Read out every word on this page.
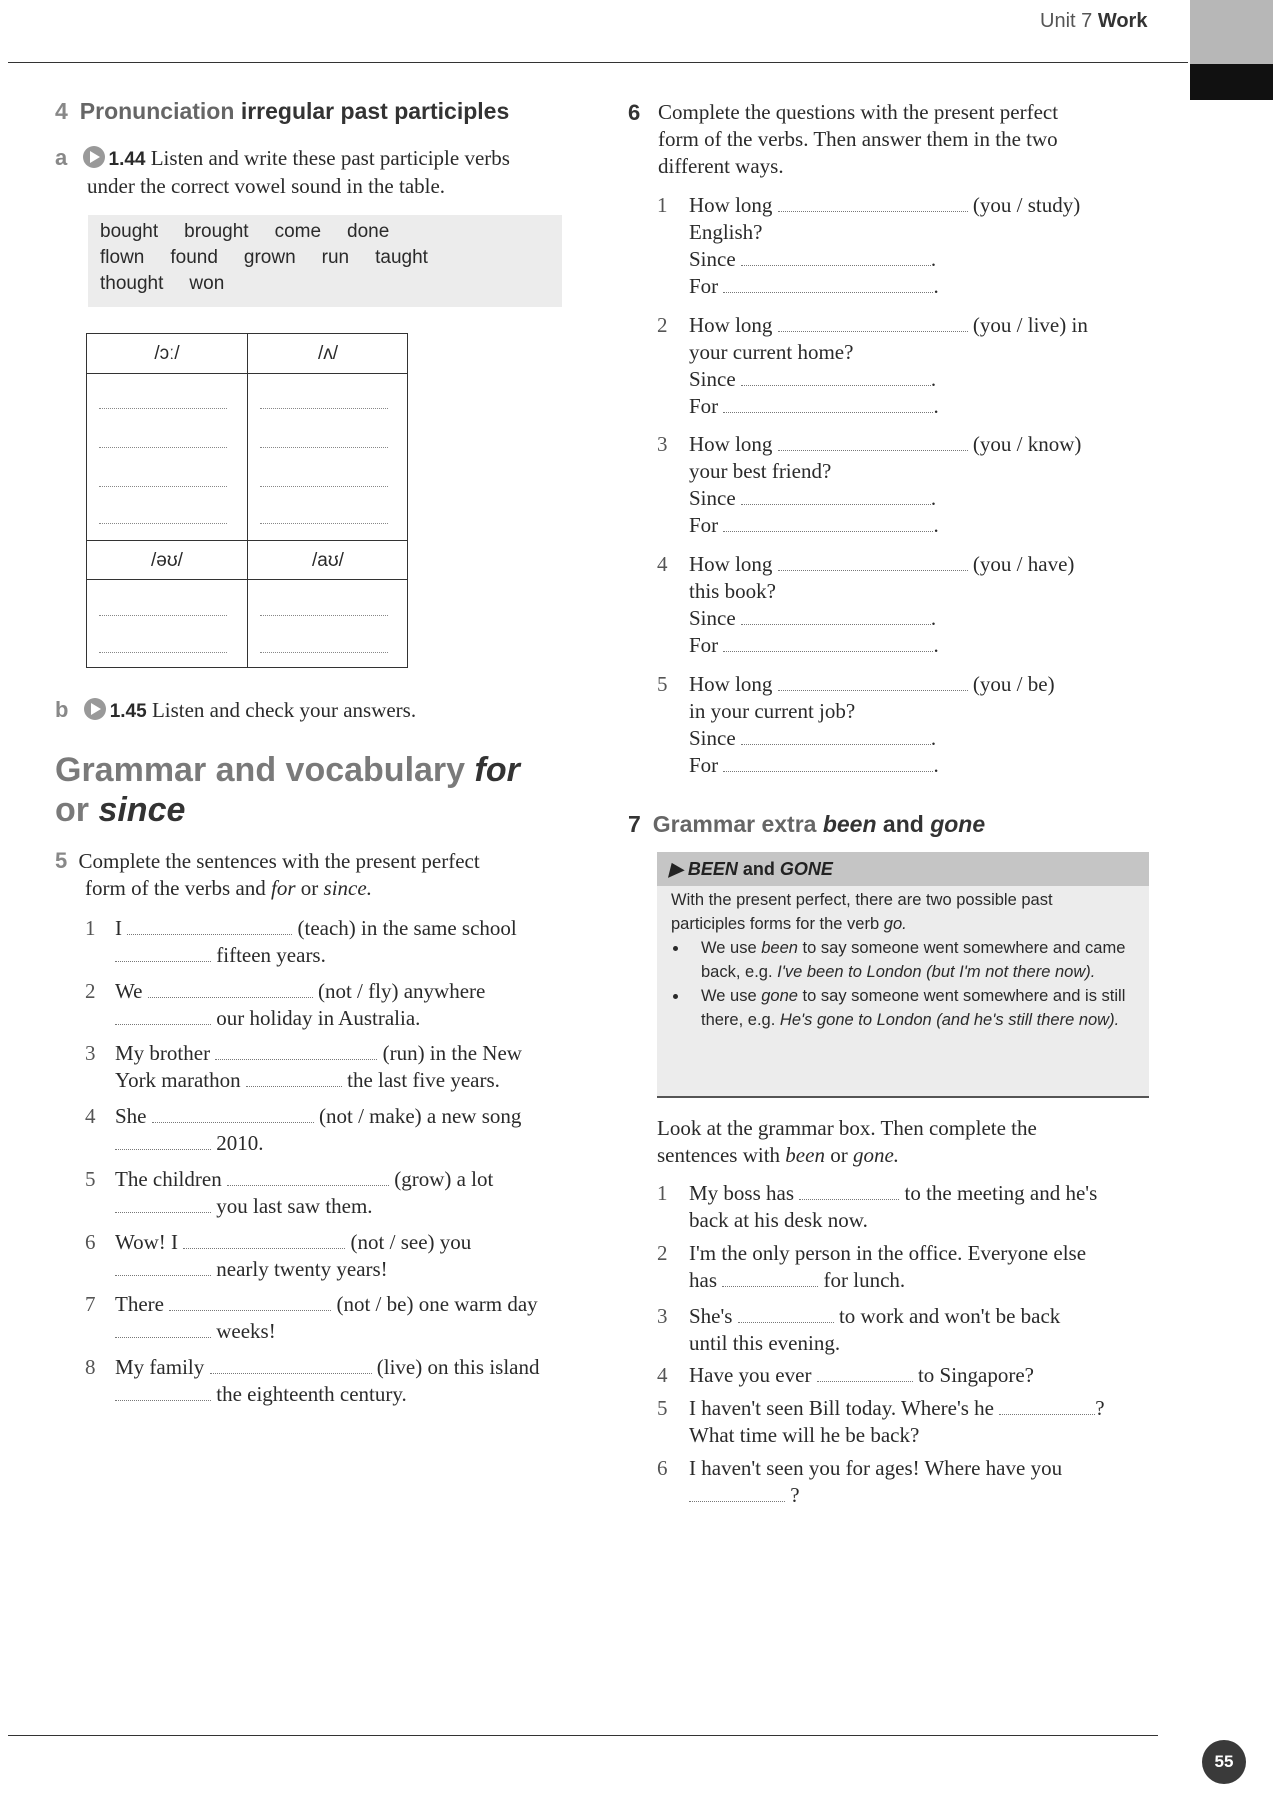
Unit 7 Work
4 Pronunciation irregular past participles
a 1.44 Listen and write these past participle verbs
under the correct vowel sound in the table.
bought brought come done
flown found grown run taught
thought won
/ɔː/	/ʌ/
/əʊ/	/aʊ/
b 1.45 Listen and check your answers.
Grammar and vocabulary for
or since
5 Complete the sentences with the present perfect
form of the verbs and for or since.
1 I	(teach) in the same school
fifteen years.
2 We	(not / fly) anywhere
our holiday in Australia.
3 My brother	(run) in the New
York marathon	the last five years.
4 She	(not / make) a new song
2010.
5 The children	(grow) a lot
you last saw them.
6 Wow! I	(not / see) you
nearly twenty years!
7 There	(not / be) one warm day
weeks!
8 My family	(live) on this island
the eighteenth century.
6 Complete the questions with the present perfect
form of the verbs. Then answer them in the two
different ways.
1 How long	(you / study)
English?
Since	.
For	.
2 How long	(you / live) in
your current home?
Since	.
For	.
3 How long	(you / know)
your best friend?
Since	.
For	.
4 How long	(you / have)
this book?
Since	.
For	.
5 How long	(you / be)
in your current job?
Since	.
For	.
7 Grammar extra been and gone
▶ BEEN and GONE
With the present perfect, there are two possible past
participles forms for the verb go.
• We use been to say someone went somewhere and came back, e.g. I've been to London (but I'm not there now).
• We use gone to say someone went somewhere and is still there, e.g. He's gone to London (and he's still there now).
Look at the grammar box. Then complete the
sentences with been or gone.
1 My boss has	to the meeting and he's
back at his desk now.
2 I'm the only person in the office. Everyone else
has	for lunch.
3 She's	to work and won't be back
until this evening.
4 Have you ever	to Singapore?
5 I haven't seen Bill today. Where's he	?
What time will he be back?
6 I haven't seen you for ages! Where have you
?
55
